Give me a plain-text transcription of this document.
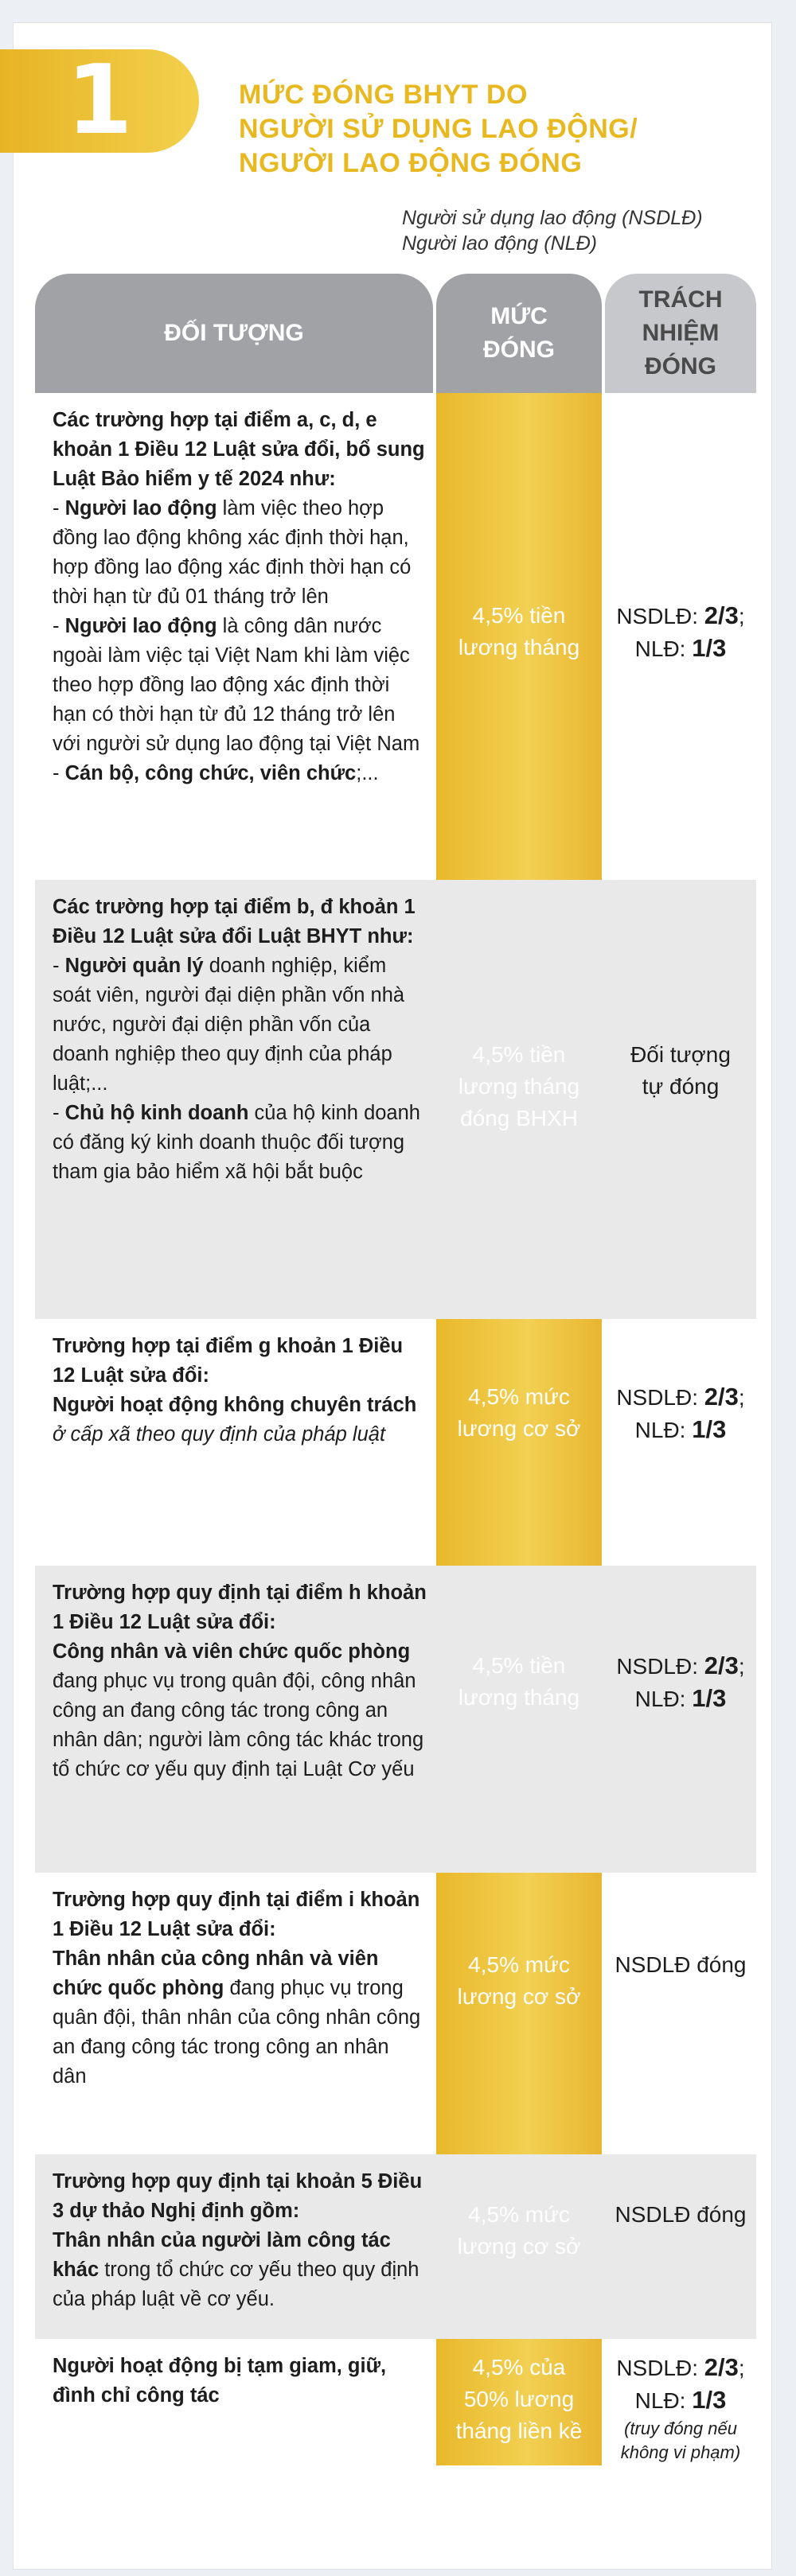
1	MỨC ĐÓNG BHYT DO
NGƯỜI SỬ DỤNG LAO ĐỘNG/
NGƯỜI LAO ĐỘNG ĐÓNG
Người sử dụng lao động (NSDLĐ)
Người lao động (NLĐ)
ĐỐI TƯỢNG
MỨC
ĐÓNG
TRÁCH
NHIỆM
ĐÓNG
Các trường hợp tại điểm a, c, d, e khoản 1 Điều 12 Luật sửa đổi, bổ sung Luật Bảo hiểm y tế 2024 như:
- Người lao động làm việc theo hợp đồng lao động không xác định thời hạn, hợp đồng lao động xác định thời hạn có thời hạn từ đủ 01 tháng trở lên
- Người lao động là công dân nước ngoài làm việc tại Việt Nam khi làm việc theo hợp đồng lao động xác định thời hạn có thời hạn từ đủ 12 tháng trở lên với người sử dụng lao động tại Việt Nam
- Cán bộ, công chức, viên chức;...
4,5% tiền
lương tháng
NSDLĐ: 2/3;
NLĐ: 1/3
Các trường hợp tại điểm b, đ khoản 1 Điều 12 Luật sửa đổi Luật BHYT như:
- Người quản lý doanh nghiệp, kiểm soát viên, người đại diện phần vốn nhà nước, người đại diện phần vốn của doanh nghiệp theo quy định của pháp luật;...
- Chủ hộ kinh doanh của hộ kinh doanh có đăng ký kinh doanh thuộc đối tượng tham gia bảo hiểm xã hội bắt buộc
4,5% tiền
lương tháng
đóng BHXH
Đối tượng
tự đóng
Trường hợp tại điểm g khoản 1 Điều 12 Luật sửa đổi:
Người hoạt động không chuyên trách ở cấp xã theo quy định của pháp luật
4,5% mức
lương cơ sở
NSDLĐ: 2/3;
NLĐ: 1/3
Trường hợp quy định tại điểm h khoản 1 Điều 12 Luật sửa đổi:
Công nhân và viên chức quốc phòng đang phục vụ trong quân đội, công nhân công an đang công tác trong công an nhân dân; người làm công tác khác trong tổ chức cơ yếu quy định tại Luật Cơ yếu
4,5% tiền
lương tháng
NSDLĐ: 2/3;
NLĐ: 1/3
Trường hợp quy định tại điểm i khoản 1 Điều 12 Luật sửa đổi:
Thân nhân của công nhân và viên chức quốc phòng đang phục vụ trong quân đội, thân nhân của công nhân công an đang công tác trong công an nhân dân
4,5% mức
lương cơ sở
NSDLĐ đóng
Trường hợp quy định tại khoản 5 Điều 3 dự thảo Nghị định gồm:
Thân nhân của người làm công tác khác trong tổ chức cơ yếu theo quy định của pháp luật về cơ yếu.
4,5% mức
lương cơ sở
NSDLĐ đóng
Người hoạt động bị tạm giam, giữ, đình chỉ công tác
4,5% của
50% lương
tháng liền kề
NSDLĐ: 2/3;
NLĐ: 1/3
(truy đóng nếu
không vi phạm)
